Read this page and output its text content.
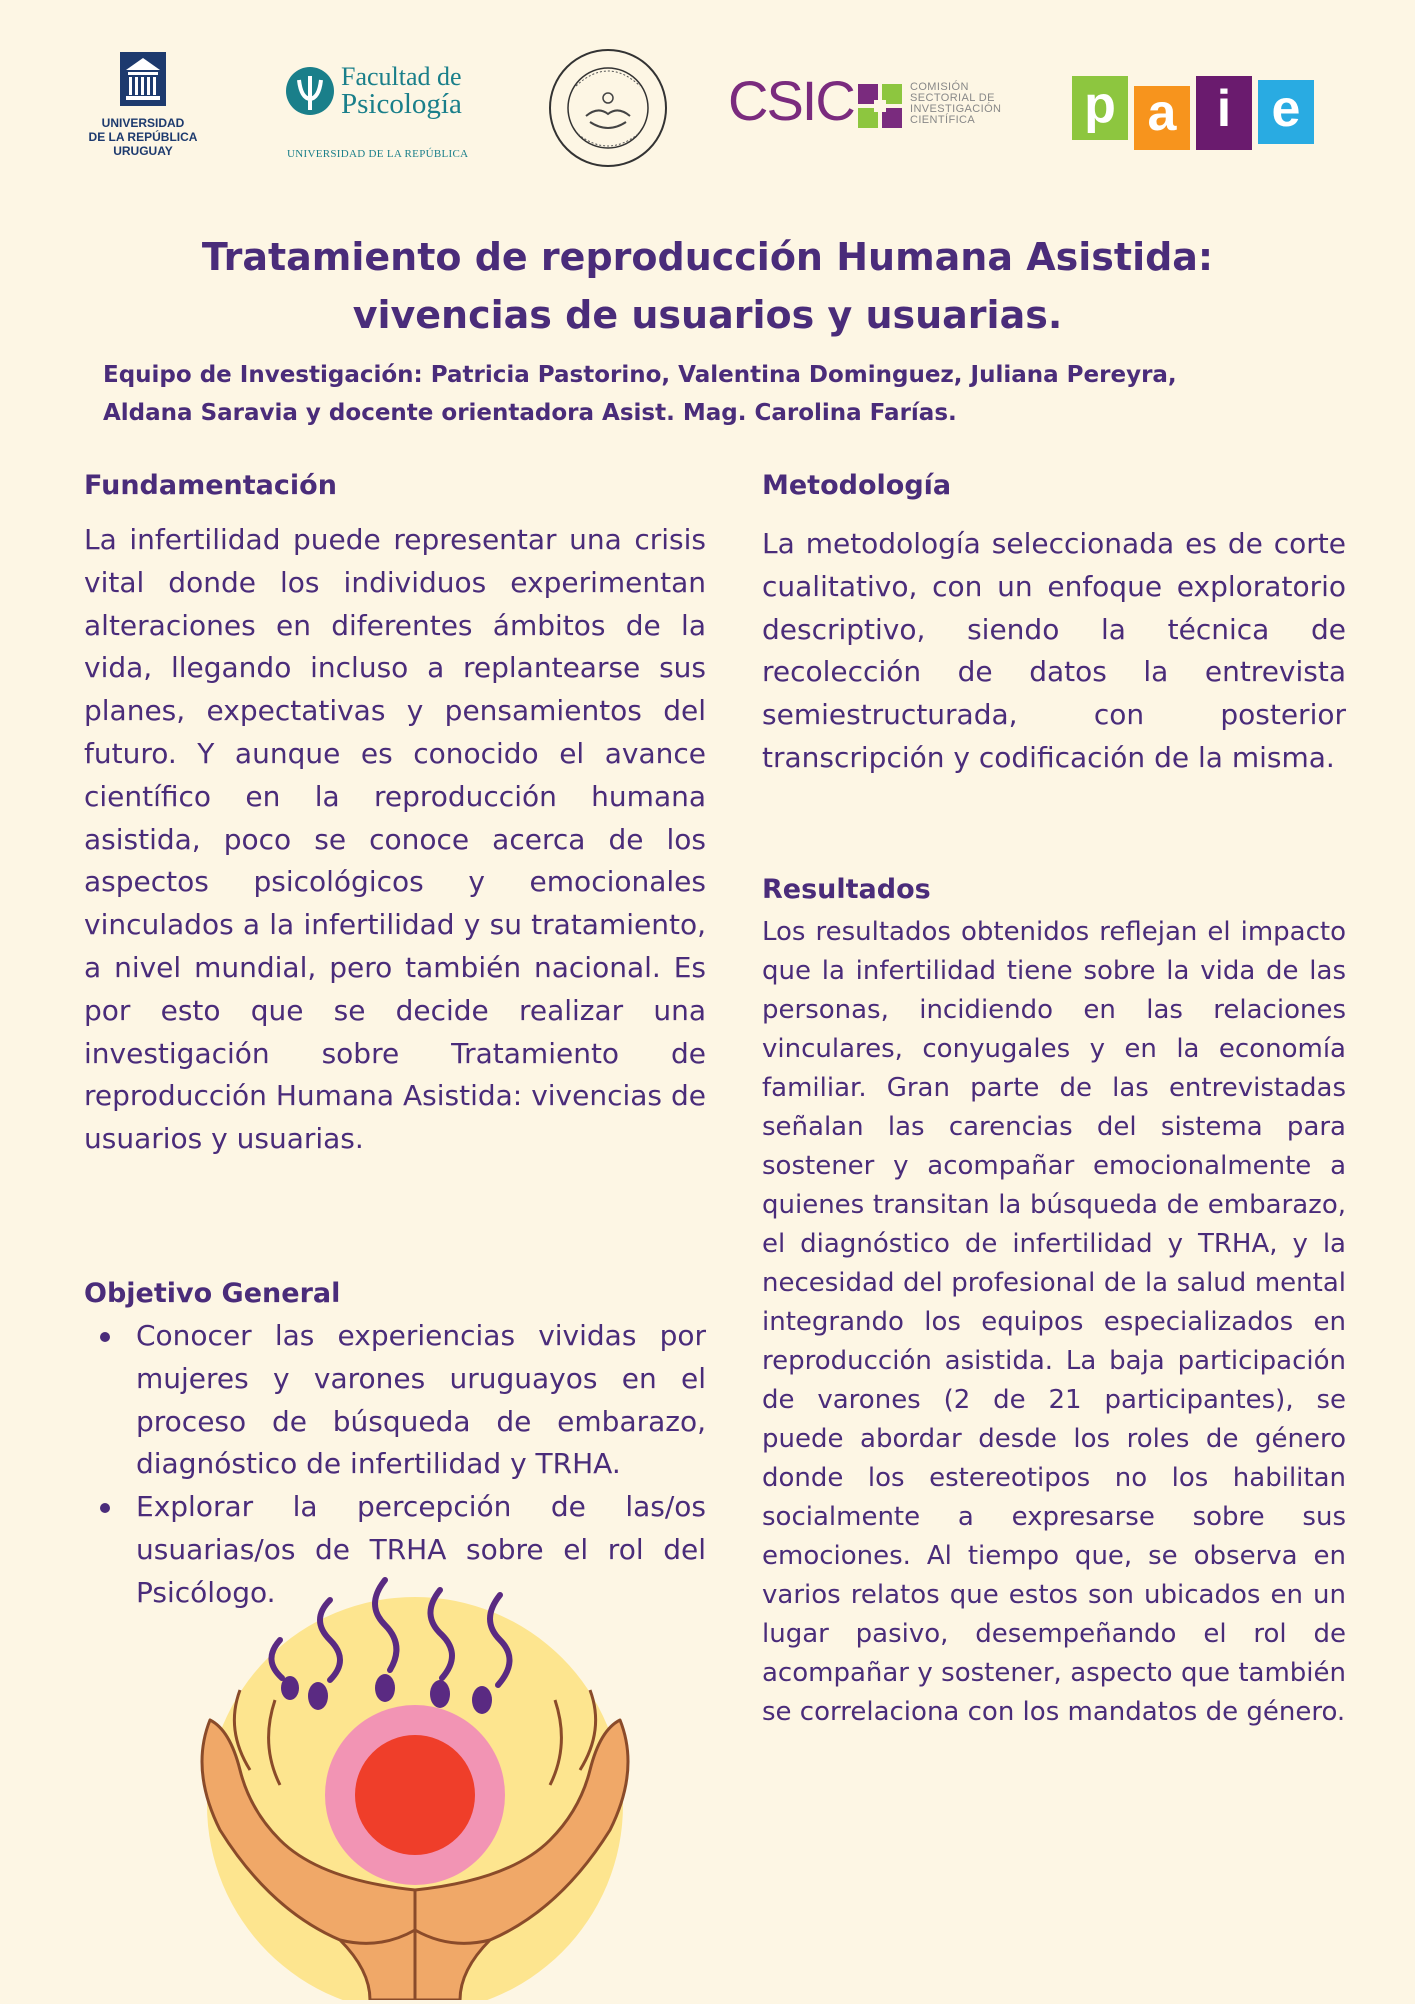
UNIVERSIDAD
DE LA REPÚBLICA
URUGUAY
Facultad de
Psicología
UNIVERSIDAD DE LA REPÚBLICA
CSIC	COMISIÓN
SECTORIAL DE
INVESTIGACIÓN
CIENTÍFICA	p a i e
Tratamiento de reproducción Humana Asistida:
vivencias de usuarios y usuarias.
Equipo de Investigación: Patricia Pastorino, Valentina Dominguez, Juliana Pereyra,
Aldana Saravia y docente orientadora Asist. Mag. Carolina Farías.
Fundamentación

La infertilidad puede representar una crisis vital donde los individuos experimentan alteraciones en diferentes ámbitos de la vida, llegando incluso a replantearse sus planes, expectativas y pensamientos del futuro. Y aunque es conocido el avance científico en la reproducción humana asistida, poco se conoce acerca de los aspectos psicológicos y emocionales vinculados a la infertilidad y su tratamiento, a nivel mundial, pero también nacional. Es por esto que se decide realizar una investigación sobre Tratamiento de reproducción Humana Asistida: vivencias de usuarios y usuarias.

Objetivo General
Conocer las experiencias vividas por mujeres y varones uruguayos en el proceso de búsqueda de embarazo, diagnóstico de infertilidad y TRHA.
Explorar la percepción de las/os usuarias/os de TRHA sobre el rol del Psicólogo.
Metodología

La metodología seleccionada es de corte cualitativo, con un enfoque exploratorio descriptivo, siendo la técnica de recolección de datos la entrevista semiestructurada, con posterior transcripción y codificación de la misma.

Resultados

Los resultados obtenidos reflejan el impacto que la infertilidad tiene sobre la vida de las personas, incidiendo en las relaciones vinculares, conyugales y en la economía familiar. Gran parte de las entrevistadas señalan las carencias del sistema para sostener y acompañar emocionalmente a quienes transitan la búsqueda de embarazo, el diagnóstico de infertilidad y TRHA, y la necesidad del profesional de la salud mental integrando los equipos especializados en reproducción asistida. La baja participación de varones (2 de 21 participantes), se puede abordar desde los roles de género donde los estereotipos no los habilitan socialmente a expresarse sobre sus emociones. Al tiempo que, se observa en varios relatos que estos son ubicados en un lugar pasivo, desempeñando el rol de acompañar y sostener, aspecto que también se correlaciona con los mandatos de género.
